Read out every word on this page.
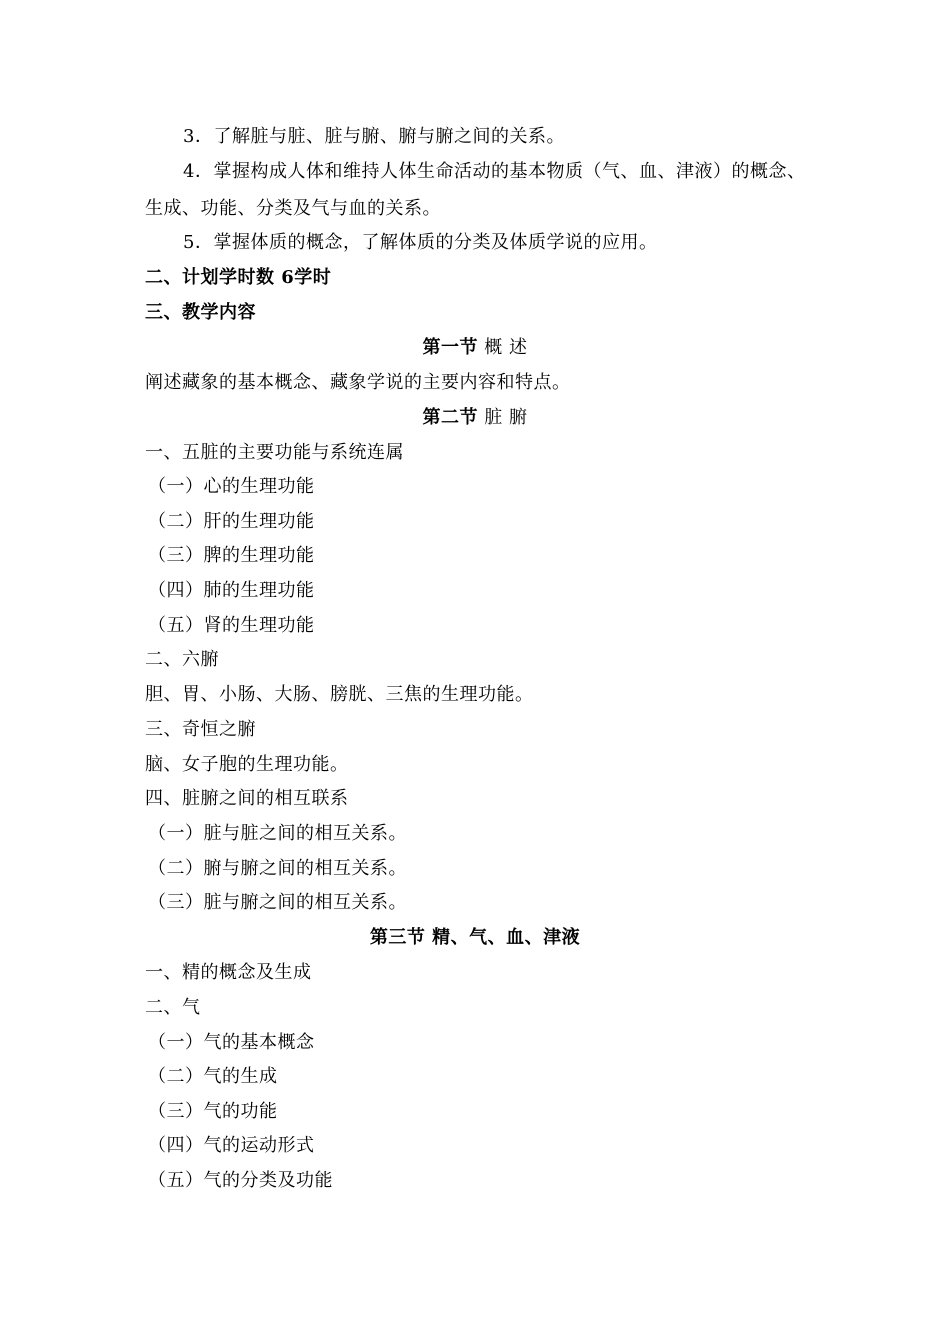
3．了解脏与脏、脏与腑、腑与腑之间的关系。
4．掌握构成人体和维持人体生命活动的基本物质（气、血、津液）的概念、
生成、功能、分类及气与血的关系。
5．掌握体质的概念，了解体质的分类及体质学说的应用。
二、计划学时数 6学时
三、教学内容
第一节 概 述
阐述藏象的基本概念、藏象学说的主要内容和特点。
第二节 脏 腑
一、五脏的主要功能与系统连属
（一）心的生理功能
（二）肝的生理功能
（三）脾的生理功能
（四）肺的生理功能
（五）肾的生理功能
二、六腑
胆、胃、小肠、大肠、膀胱、三焦的生理功能。
三、奇恒之腑
脑、女子胞的生理功能。
四、脏腑之间的相互联系
（一）脏与脏之间的相互关系。
（二）腑与腑之间的相互关系。
（三）脏与腑之间的相互关系。
第三节 精、气、血、津液
一、精的概念及生成
二、气
（一）气的基本概念
（二）气的生成
（三）气的功能
（四）气的运动形式
（五）气的分类及功能
